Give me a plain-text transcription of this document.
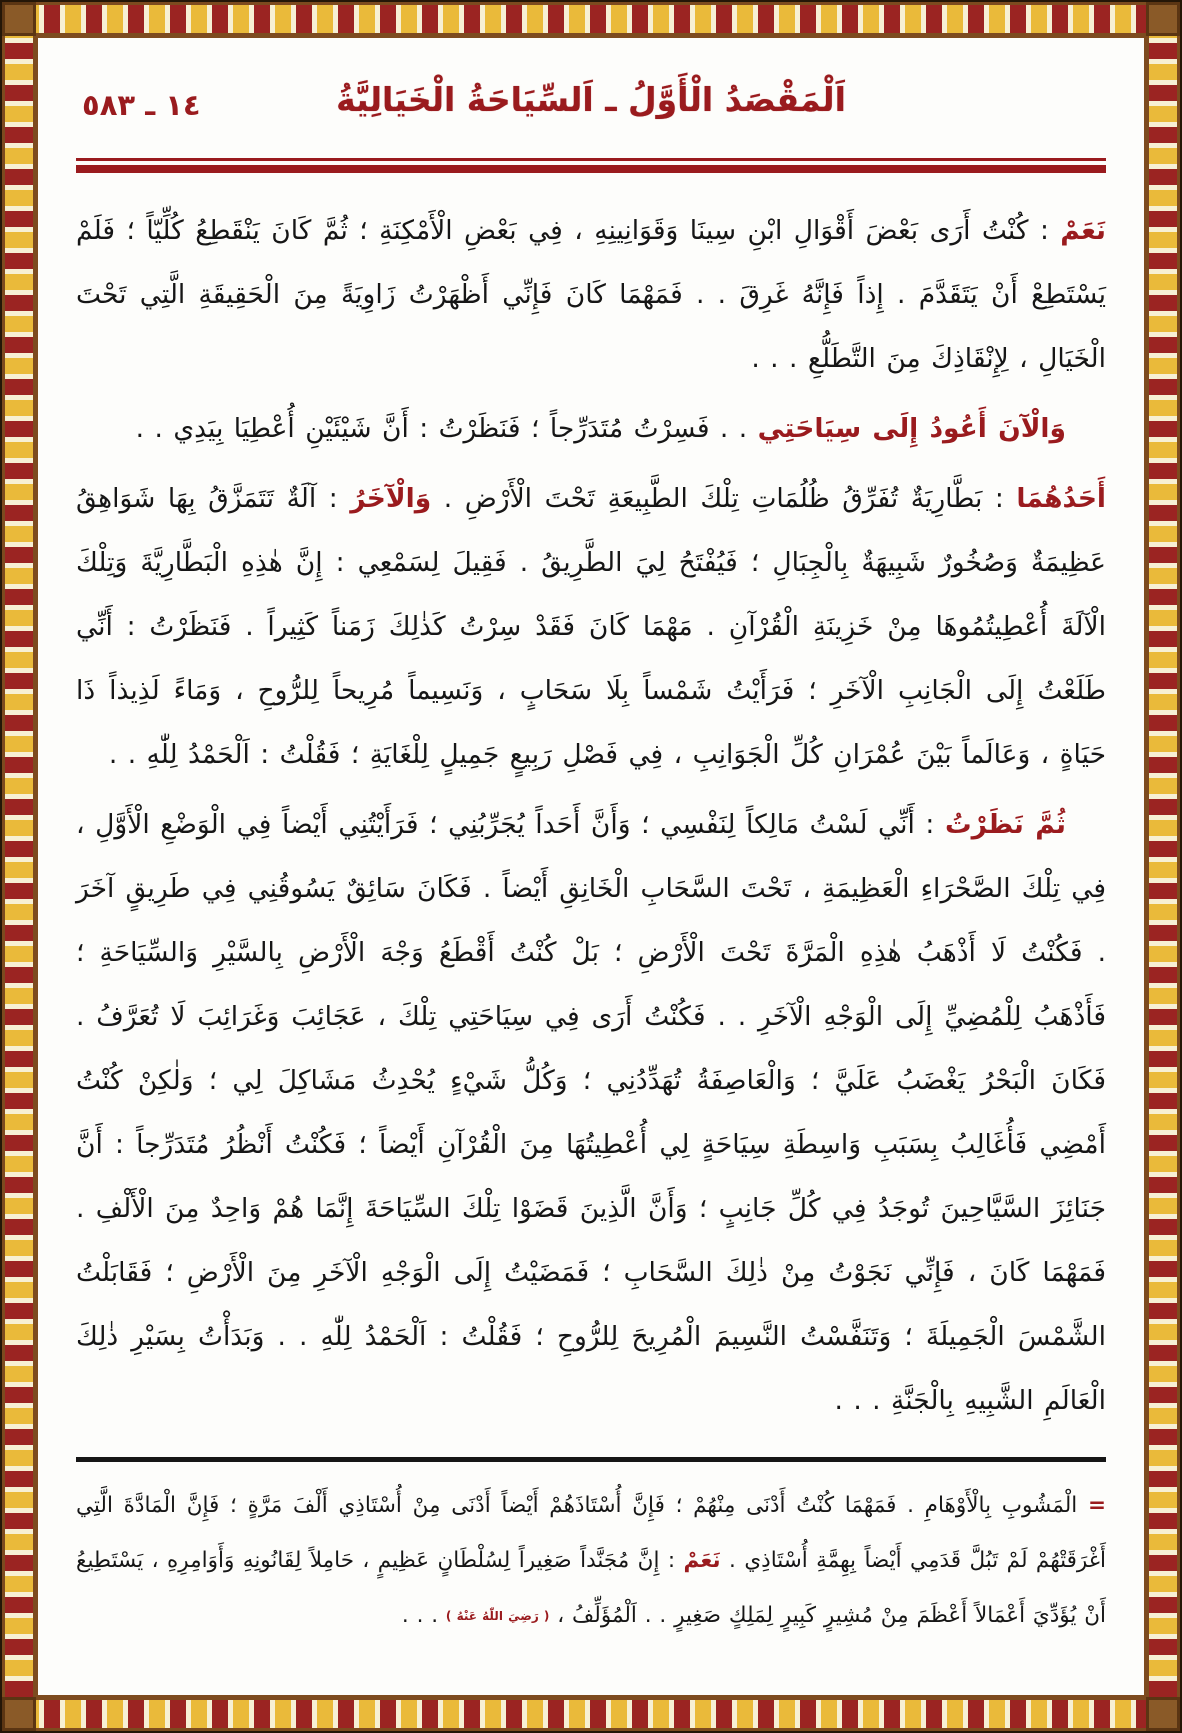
اَلْمَقْصَدُ الْأَوَّلُ ـ اَلسِّيَاحَةُ الْخَيَالِيَّةُ
١٤ ـ ٥٨٣

نَعَمْ : كُنْتُ أَرَى بَعْضَ أَقْوَالِ ابْنِ سِينَا وَقَوَانِينِهِ ، فِي بَعْضِ الْأَمْكِنَةِ ؛ ثُمَّ كَانَ يَنْقَطِعُ كُلِّيّاً ؛ فَلَمْ يَسْتَطِعْ أَنْ يَتَقَدَّمَ . إِذاً فَإِنَّهُ غَرِقَ . . فَمَهْمَا كَانَ فَإِنِّي أَظْهَرْتُ زَاوِيَةً مِنَ الْحَقِيقَةِ الَّتِي تَحْتَ الْخَيَالِ ، لِإِنْقَاذِكَ مِنَ التَّطَلُّعِ . . .

وَالْآنَ أَعُودُ إِلَى سِيَاحَتِي . . فَسِرْتُ مُتَدَرِّجاً ؛ فَنَظَرْتُ : أَنَّ شَيْئَيْنِ أُعْطِيَا بِيَدِي . .

أَحَدُهُمَا : بَطَّارِيَةٌ تُفَرِّقُ ظُلُمَاتِ تِلْكَ الطَّبِيعَةِ تَحْتَ الْأَرْضِ . وَالْآخَرُ : آلَةٌ تَتَمَزَّقُ بِهَا شَوَاهِقُ عَظِيمَةٌ وَصُخُورٌ شَبِيهَةٌ بِالْجِبَالِ ؛ فَيُفْتَحُ لِيَ الطَّرِيقُ . فَقِيلَ لِسَمْعِي : إِنَّ هٰذِهِ الْبَطَّارِيَّةَ وَتِلْكَ الْآلَةَ أُعْطِيتُمُوهَا مِنْ خَزِينَةِ الْقُرْآنِ . مَهْمَا كَانَ فَقَدْ سِرْتُ كَذٰلِكَ زَمَناً كَثِيراً . فَنَظَرْتُ : أَنِّي طَلَعْتُ إِلَى الْجَانِبِ الْآخَرِ ؛ فَرَأَيْتُ شَمْساً بِلَا سَحَابٍ ، وَنَسِيماً مُرِيحاً لِلرُّوحِ ، وَمَاءً لَذِيذاً ذَا حَيَاةٍ ، وَعَالَماً بَيْنَ عُمْرَانِ كُلِّ الْجَوَانِبِ ، فِي فَصْلِ رَبِيعٍ جَمِيلٍ لِلْغَايَةِ ؛ فَقُلْتُ : اَلْحَمْدُ لِلّٰهِ . .

ثُمَّ نَظَرْتُ : أَنِّي لَسْتُ مَالِكاً لِنَفْسِي ؛ وَأَنَّ أَحَداً يُجَرِّبُنِي ؛ فَرَأَيْتُنِي أَيْضاً فِي الْوَضْعِ الْأَوَّلِ ، فِي تِلْكَ الصَّحْرَاءِ الْعَظِيمَةِ ، تَحْتَ السَّحَابِ الْخَانِقِ أَيْضاً . فَكَانَ سَائِقٌ يَسُوقُنِي فِي طَرِيقٍ آخَرَ . فَكُنْتُ لَا أَذْهَبُ هٰذِهِ الْمَرَّةَ تَحْتَ الْأَرْضِ ؛ بَلْ كُنْتُ أَقْطَعُ وَجْهَ الْأَرْضِ بِالسَّيْرِ وَالسِّيَاحَةِ ؛ فَأَذْهَبُ لِلْمُضِيِّ إِلَى الْوَجْهِ الْآخَرِ . . فَكُنْتُ أَرَى فِي سِيَاحَتِي تِلْكَ ، عَجَائِبَ وَغَرَائِبَ لَا تُعَرَّفُ . فَكَانَ الْبَحْرُ يَغْضَبُ عَلَيَّ ؛ وَالْعَاصِفَةُ تُهَدِّدُنِي ؛ وَكُلُّ شَيْءٍ يُحْدِثُ مَشَاكِلَ لِي ؛ وَلٰكِنْ كُنْتُ أَمْضِي فَأُغَالِبُ بِسَبَبِ وَاسِطَةِ سِيَاحَةٍ لِي أُعْطِيتُهَا مِنَ الْقُرْآنِ أَيْضاً ؛ فَكُنْتُ أَنْظُرُ مُتَدَرِّجاً : أَنَّ جَنَائِزَ السَّيَّاحِينَ تُوجَدُ فِي كُلِّ جَانِبٍ ؛ وَأَنَّ الَّذِينَ قَضَوْا تِلْكَ السِّيَاحَةَ إِنَّمَا هُمْ وَاحِدٌ مِنَ الْأَلْفِ . فَمَهْمَا كَانَ ، فَإِنِّي نَجَوْتُ مِنْ ذٰلِكَ السَّحَابِ ؛ فَمَضَيْتُ إِلَى الْوَجْهِ الْآخَرِ مِنَ الْأَرْضِ ؛ فَقَابَلْتُ الشَّمْسَ الْجَمِيلَةَ ؛ وَتَنَفَّسْتُ النَّسِيمَ الْمُرِيحَ لِلرُّوحِ ؛ فَقُلْتُ : اَلْحَمْدُ لِلّٰهِ . . وَبَدَأْتُ بِسَيْرِ ذٰلِكَ الْعَالَمِ الشَّبِيهِ بِالْجَنَّةِ . . .

= الْمَشُوبِ بِالْأَوْهَامِ . فَمَهْمَا كُنْتُ أَدْنَى مِنْهُمْ ؛ فَإِنَّ أُسْتَاذَهُمْ أَيْضاً أَدْنَى مِنْ أُسْتَاذِي أَلْفَ مَرَّةٍ ؛ فَإِنَّ الْمَادَّةَ الَّتِي أَغْرَقَتْهُمْ لَمْ تَبُلَّ قَدَمِي أَيْضاً بِهِمَّةِ أُسْتَاذِي . نَعَمْ : إِنَّ مُجَنَّداً صَغِيراً لِسُلْطَانٍ عَظِيمٍ ، حَامِلاً لِقَانُونِهِ وَأَوَامِرِهِ ، يَسْتَطِيعُ أَنْ يُؤَدِّيَ أَعْمَالاً أَعْظَمَ مِنْ مُشِيرٍ كَبِيرٍ لِمَلِكٍ صَغِيرٍ . . اَلْمُؤَلِّفُ ، ( رَضِيَ اللّٰهُ عَنْهُ ) . . .
